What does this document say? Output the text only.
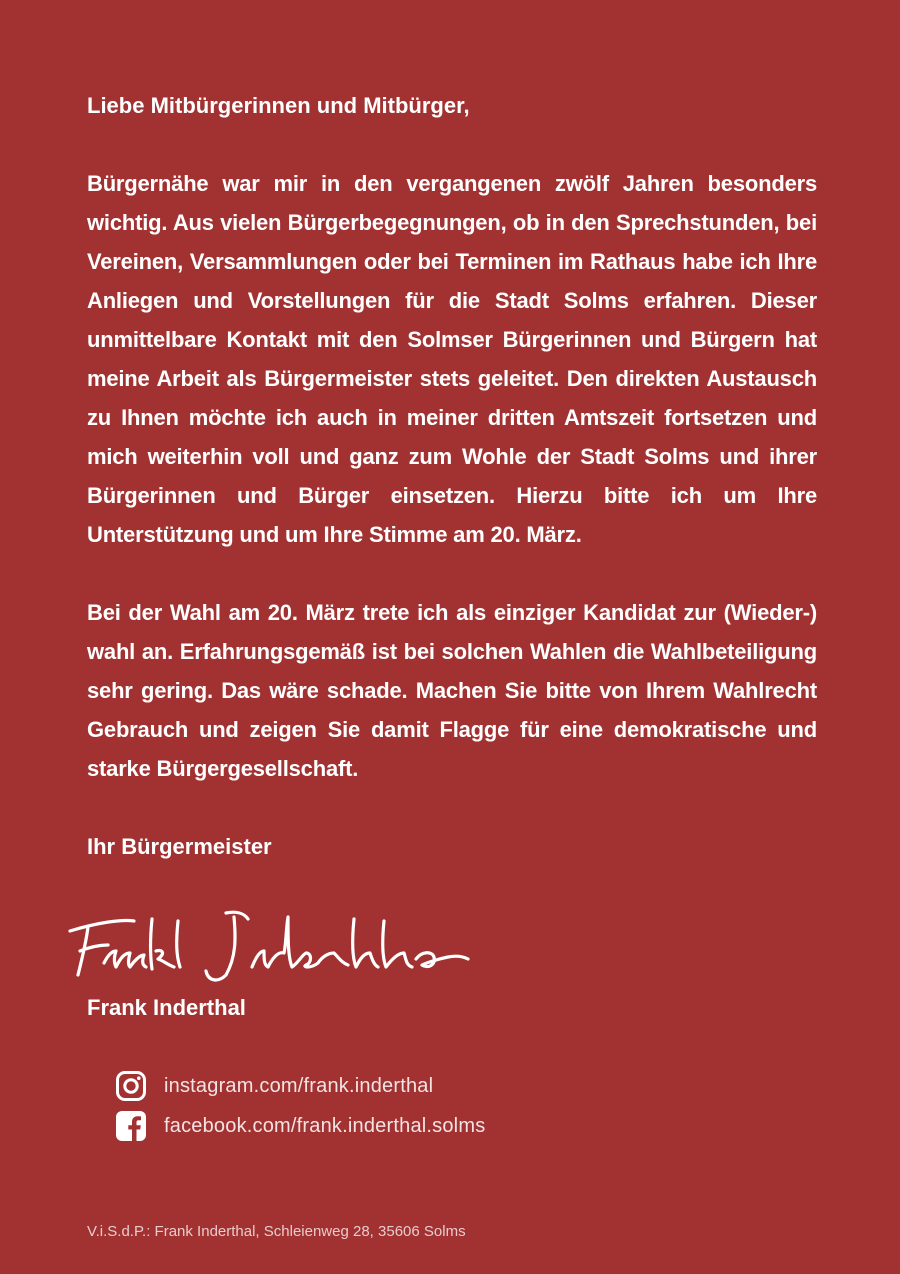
Liebe Mitbürgerinnen und Mitbürger,

Bürgernähe war mir in den vergangenen zwölf Jahren besonders wichtig. Aus vielen Bürgerbegegnungen, ob in den Sprechstunden, bei Vereinen, Versammlungen oder bei Terminen im Rathaus habe ich Ihre Anliegen und Vorstellungen für die Stadt Solms erfahren. Dieser unmittelbare Kontakt mit den Solmser Bürgerinnen und Bürgern hat meine Arbeit als Bürgermeister stets geleitet. Den direkten Austausch zu Ihnen möchte ich auch in meiner dritten Amtszeit fortsetzen und mich weiterhin voll und ganz zum Wohle der Stadt Solms und ihrer Bürgerinnen und Bürger einsetzen. Hierzu bitte ich um Ihre Unterstützung und um Ihre Stimme am 20. März.

Bei der Wahl am 20. März trete ich als einziger Kandidat zur (Wieder-) wahl an. Erfahrungsgemäß ist bei solchen Wahlen die Wahlbeteiligung sehr gering. Das wäre schade. Machen Sie bitte von Ihrem Wahlrecht Gebrauch und zeigen Sie damit Flagge für eine demokratische und starke Bürgergesellschaft.

Ihr Bürgermeister

Frank Inderthal

instagram.com/frank.inderthal
facebook.com/frank.inderthal.solms

V.i.S.d.P.: Frank Inderthal, Schleienweg 28, 35606 Solms
